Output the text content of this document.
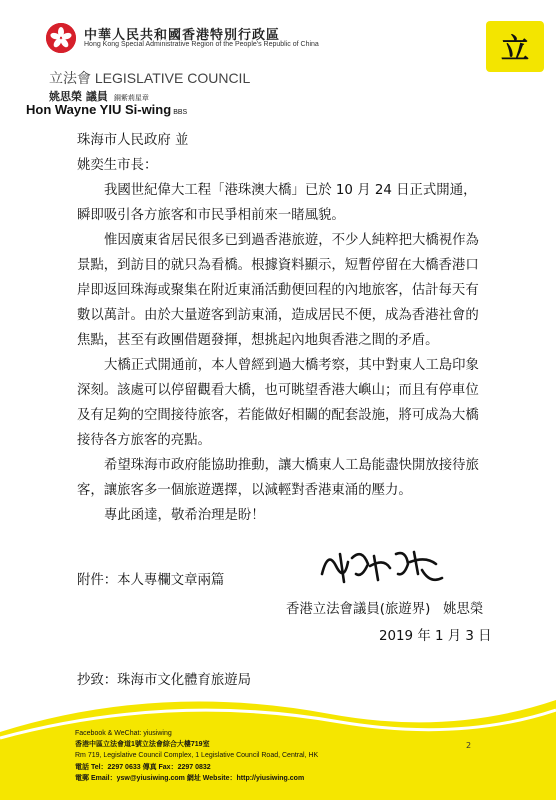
中華人民共和國香港特別行政區
Hong Kong Special Administrative Region of the People's Republic of China	立
立法會 LEGISLATIVE COUNCIL
姚思榮 議員 銅紫荊星章
Hon Wayne YIU Si-wing BBS

珠海市人民政府 並

姚奕生市長：

我國世紀偉大工程「港珠澳大橋」已於 10 月 24 日正式開通，瞬即吸引各方旅客和市民爭相前來一睹風貌。

惟因廣東省居民很多已到過香港旅遊，不少人純粹把大橋視作為景點，到訪目的就只為看橋。根據資料顯示，短暫停留在大橋香港口岸即返回珠海或聚集在附近東涌活動便回程的內地旅客，估計每天有數以萬計。由於大量遊客到訪東涌，造成居民不便，成為香港社會的焦點，甚至有政團借題發揮，想挑起內地與香港之間的矛盾。

大橋正式開通前，本人曾經到過大橋考察，其中對東人工島印象深刻。該處可以停留觀看大橋，也可眺望香港大嶼山；而且有停車位及有足夠的空間接待旅客，若能做好相關的配套設施，將可成為大橋接待各方旅客的亮點。

希望珠海市政府能協助推動，讓大橋東人工島能盡快開放接待旅客，讓旅客多一個旅遊選擇，以減輕對香港東涌的壓力。

專此函達，敬希治理是盼！

附件：本人專欄文章兩篇
香港立法會議員(旅遊界)   姚思榮
2019 年 1 月 3 日
抄致：珠海市文化體育旅遊局
Facebook & WeChat: yiusiwing
香港中區立法會道1號立法會綜合大樓719室
Rm 719, Legislative Council Complex, 1 Legislative Council Road, Central, HK
電話 Tel：2297 0633 傳真 Fax：2297 0832
電郵 Email：ysw@yiusiwing.com 網址 Website：http://yiusiwing.com
2
